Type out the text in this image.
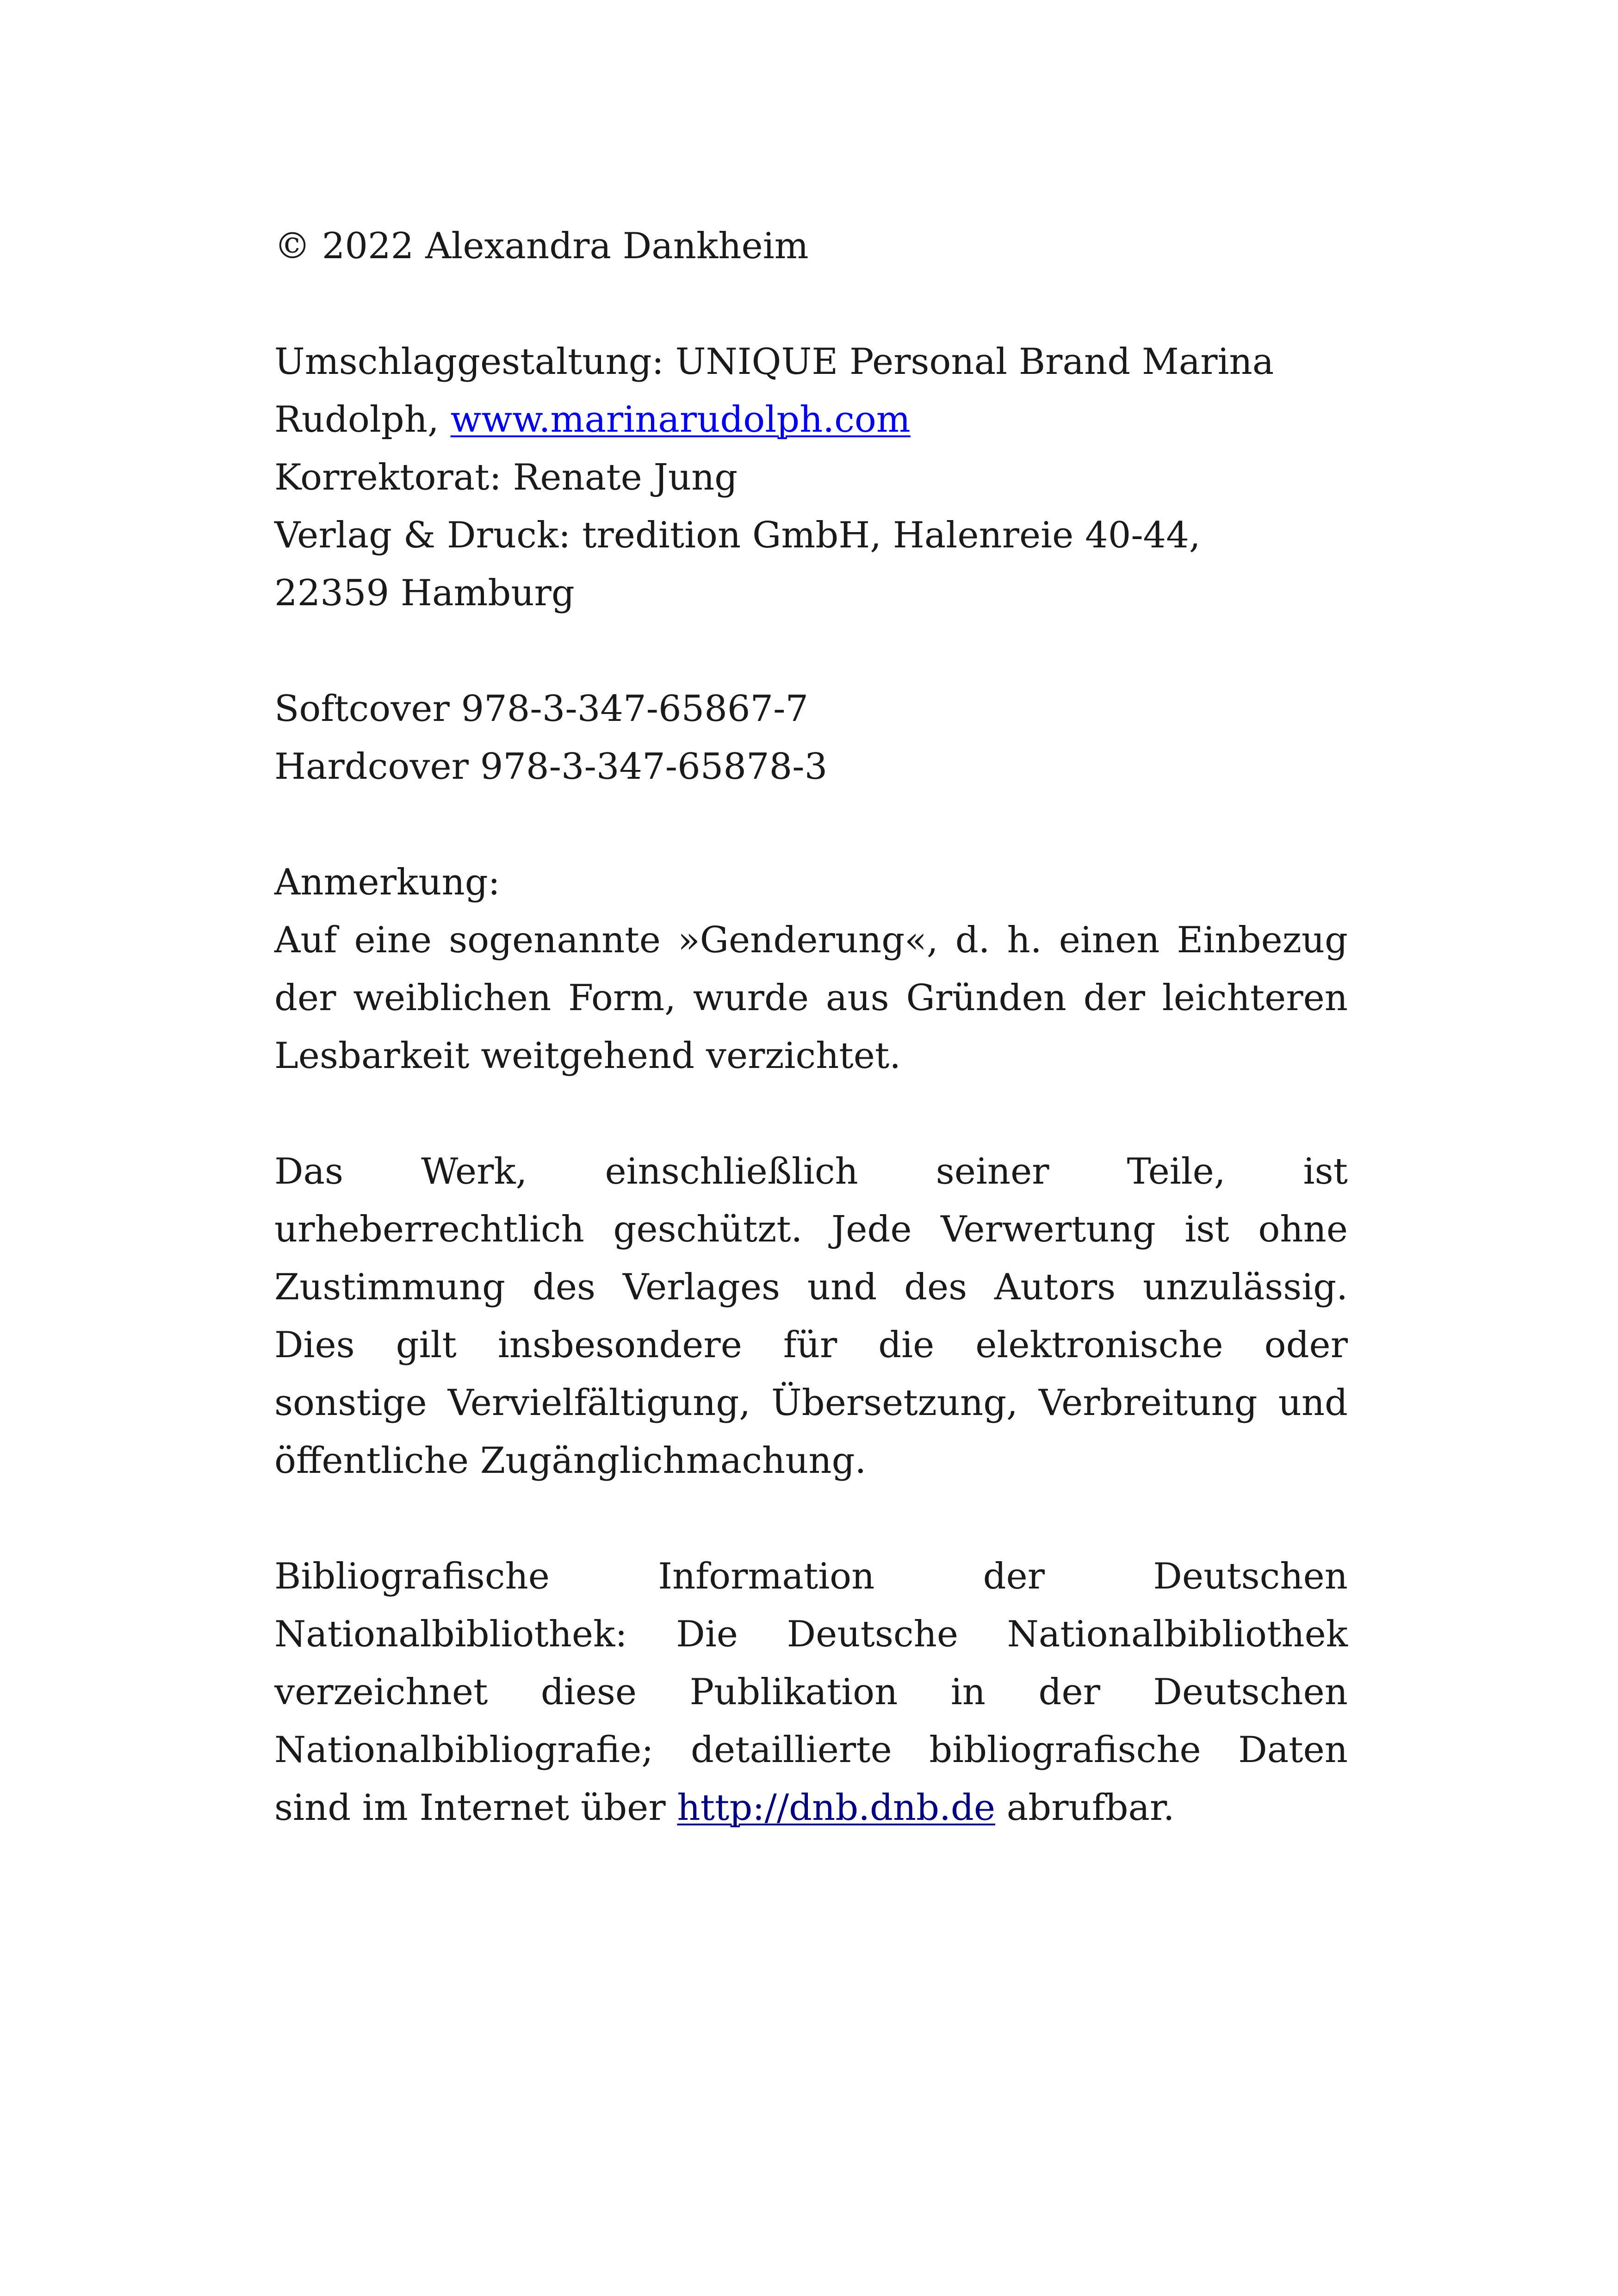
© 2022 Alexandra Dankheim

Umschlaggestaltung: UNIQUE Personal Brand Marina
Rudolph, www.marinarudolph.com
Korrektorat: Renate Jung
Verlag & Druck: tredition GmbH, Halenreie 40-44,
22359 Hamburg

Softcover 978-3-347-65867-7
Hardcover 978-3-347-65878-3

Anmerkung:
Auf eine sogenannte »Genderung«, d. h. einen Einbezug
der weiblichen Form, wurde aus Gründen der leichteren
Lesbarkeit weitgehend verzichtet.

Das Werk, einschließlich seiner Teile, ist
urheberrechtlich geschützt. Jede Verwertung ist ohne
Zustimmung des Verlages und des Autors unzulässig.
Dies gilt insbesondere für die elektronische oder
sonstige Vervielfältigung, Übersetzung, Verbreitung und
öffentliche Zugänglichmachung.

Bibliografische Information der Deutschen
Nationalbibliothek: Die Deutsche Nationalbibliothek
verzeichnet diese Publikation in der Deutschen
Nationalbibliografie; detaillierte bibliografische Daten
sind im Internet über http://dnb.dnb.de abrufbar.
